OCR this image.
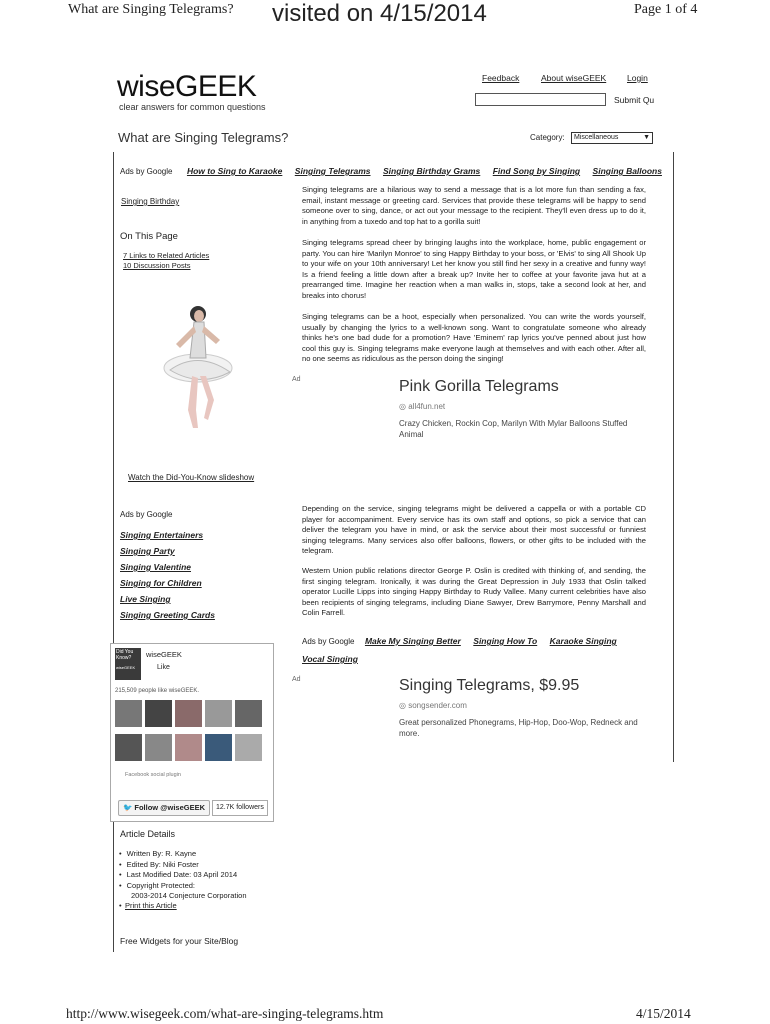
What are Singing Telegrams? visited on 4/15/2014	Page 1 of 4
wiseGEEK
clear answers for common questions
Feedback	About wiseGEEK Login
Submit Qu
What are Singing Telegrams?	Category:	Miscellaneous	▼
Ads by Google How to Sing to Karaoke Singing Telegrams Singing Birthday Grams Find Song by Singing Singing Balloons
Singing Birthday
On This Page
7 Links to Related Articles
10 Discussion Posts
Watch the Did-You-Know slideshow
Ads by Google
Singing Entertainers
Singing Party
Singing Valentine
Singing for Children
Live Singing
Singing Greeting Cards
Did You
Know?
wiseGEEK
wiseGEEK
Like
215,509 people like wiseGEEK.
Facebook social plugin
🐦 Follow @wiseGEEK	12.7K followers
Article Details
• Written By: R. Kayne
• Edited By: Niki Foster
• Last Modified Date: 03 April 2014
• Copyright Protected:
2003-2014 Conjecture Corporation
• Print this Article
Free Widgets for your Site/Blog
Singing telegrams are a hilarious way to send a message that is a lot more fun than sending a fax, email, instant message or greeting card. Services that provide these telegrams will be happy to send someone over to sing, dance, or act out your message to the recipient. They'll even dress up to do it, in anything from a tuxedo and top hat to a gorilla suit!
Singing telegrams spread cheer by bringing laughs into the workplace, home, public engagement or party. You can hire 'Marilyn Monroe' to sing Happy Birthday to your boss, or 'Elvis' to sing All Shook Up to your wife on your 10th anniversary! Let her know you still find her sexy in a creative and funny way! Is a friend feeling a little down after a break up? Invite her to coffee at your favorite java hut at a prearranged time. Imagine her reaction when a man walks in, stops, take a second look at her, and breaks into chorus!
Singing telegrams can be a hoot, especially when personalized. You can write the words yourself, usually by changing the lyrics to a well-known song. Want to congratulate someone who already thinks he's one bad dude for a promotion? Have 'Eminem' rap lyrics you've penned about just how cool this guy is. Singing telegrams make everyone laugh at themselves and with each other. After all, no one seems as ridiculous as the person doing the singing!
Ad	Pink Gorilla Telegrams
◎ all4fun.net
Crazy Chicken, Rockin Cop, Marilyn With Mylar Balloons Stuffed Animal
Depending on the service, singing telegrams might be delivered a cappella or with a portable CD player for accompaniment. Every service has its own staff and options, so pick a service that can deliver the telegram you have in mind, or ask the service about their most successful or funniest singing telegrams. Many services also offer balloons, flowers, or other gifts to be included with the telegram.
Western Union public relations director George P. Oslin is credited with thinking of, and sending, the first singing telegram. Ironically, it was during the Great Depression in July 1933 that Oslin talked operator Lucille Lipps into singing Happy Birthday to Rudy Vallee. Many current celebrities have also been recipients of singing telegrams, including Diane Sawyer, Drew Barrymore, Penny Marshall and Colin Farrell.
Ads by Google Make My Singing Better Singing How To Karaoke Singing
Vocal Singing
Ad	Singing Telegrams, $9.95
◎ songsender.com
Great personalized Phonegrams, Hip-Hop, Doo-Wop, Redneck and more.
http://www.wisegeek.com/what-are-singing-telegrams.htm	4/15/2014
